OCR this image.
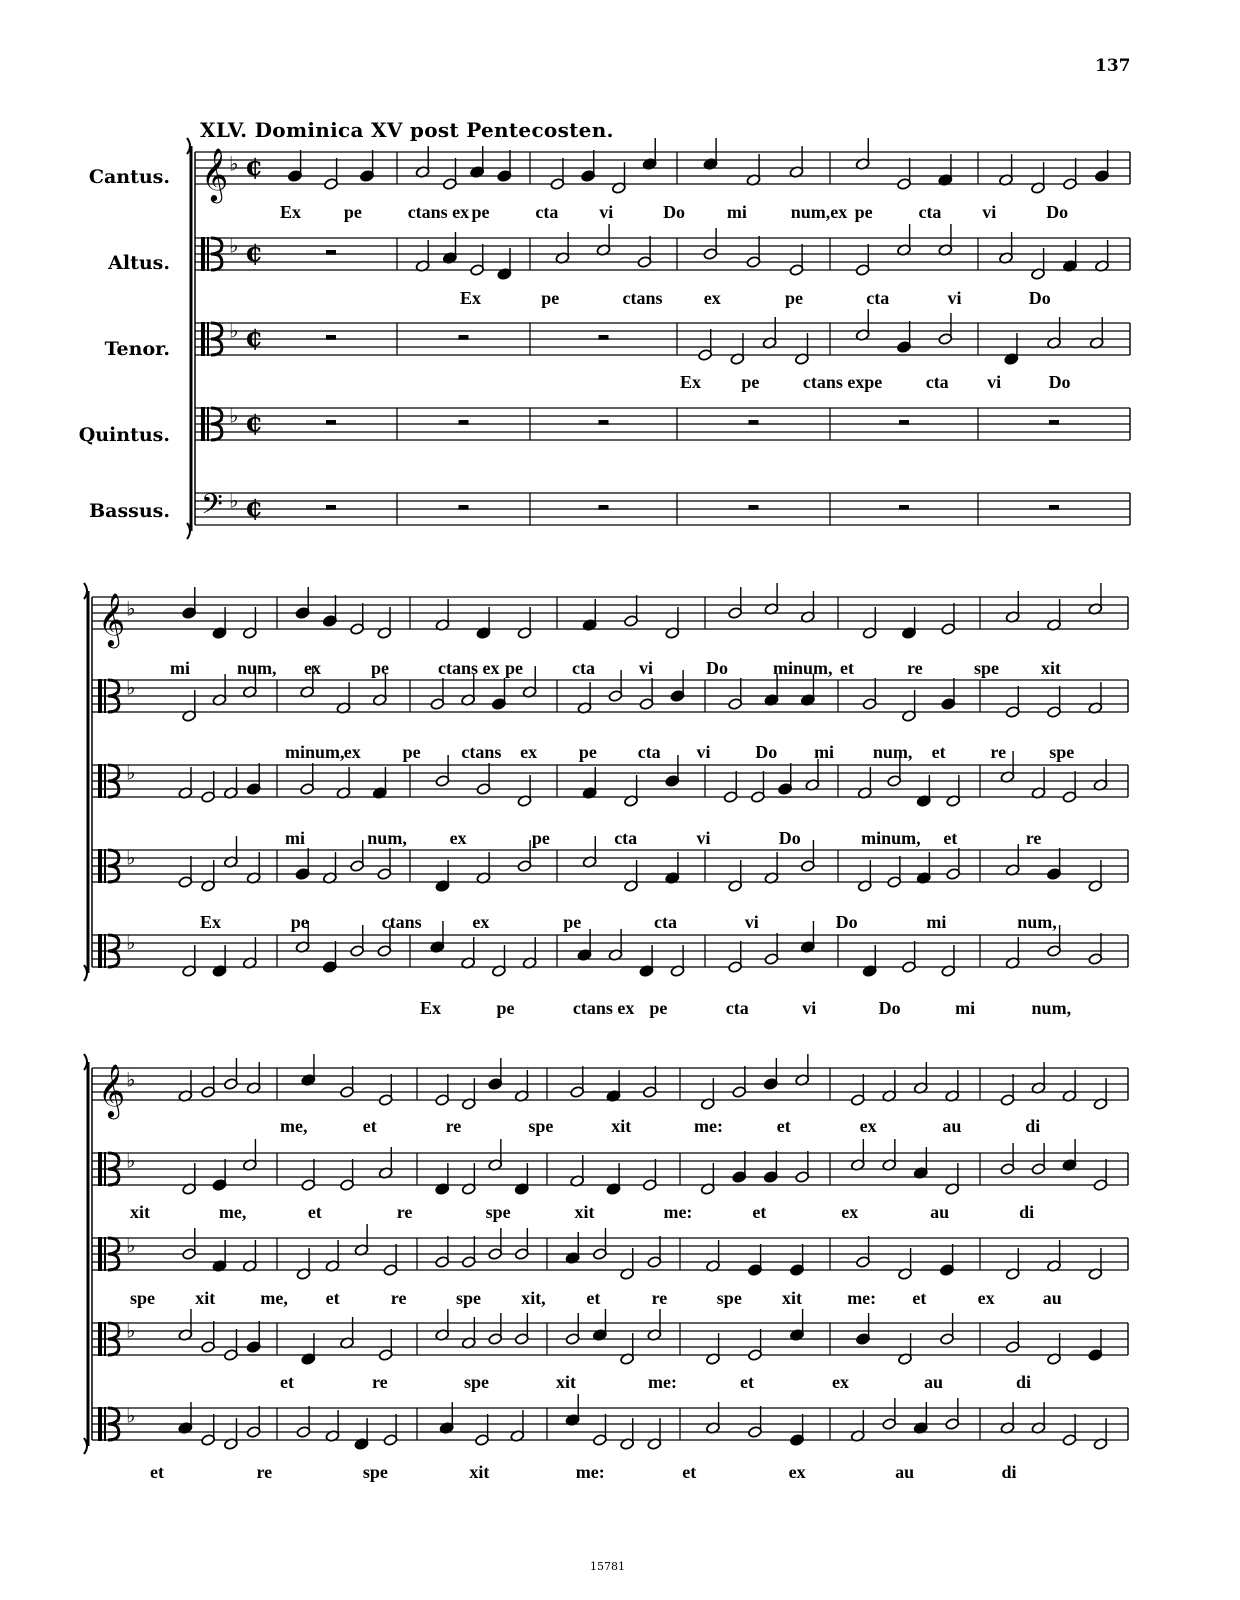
137
XLV. Dominica XV post Pentecosten.
Cantus.
Altus.
Tenor.
Quintus.
Bassus.
𝄞 ♭ ¢
♭ ¢
♭ ¢
♭ ¢
𝄢 ♭ ¢
𝄞 ♭
♭
♭
♭
♭
𝄞 ♭
♭
♭
♭
♭
Ex pe	ctans ex pe	cta vi	Do mi num,ex pe	cta vi	Do
Ex	pe	ctans ex	pe	cta	vi	Do
Ex pe ctans ex pe cta vi	Do
mi	num, ex	pe	ctans ex pe	cta vi	Do	minum, et	re	spe xit
minum, ex pe ctans ex pe cta vi Do mi num, et re spe
mi	num, ex	pe	cta	vi	Do	minum, et	re
Ex	pe	ctans	ex	pe	cta	vi	Do	mi	num,
Ex	pe	ctans ex pe	cta	vi	Do	mi	num,
me,	et	re	spe	xit	me:	et	ex	au	di
xit	me,	et	re	spe	xit	me:	et	ex	au	di
spe xit	me, et	re	spe xit, et	re	spe xit	me: et	ex	au
et	re	spe	xit	me:	et	ex	au	di
et	re	spe	xit	me:	et	ex	au	di
15781
